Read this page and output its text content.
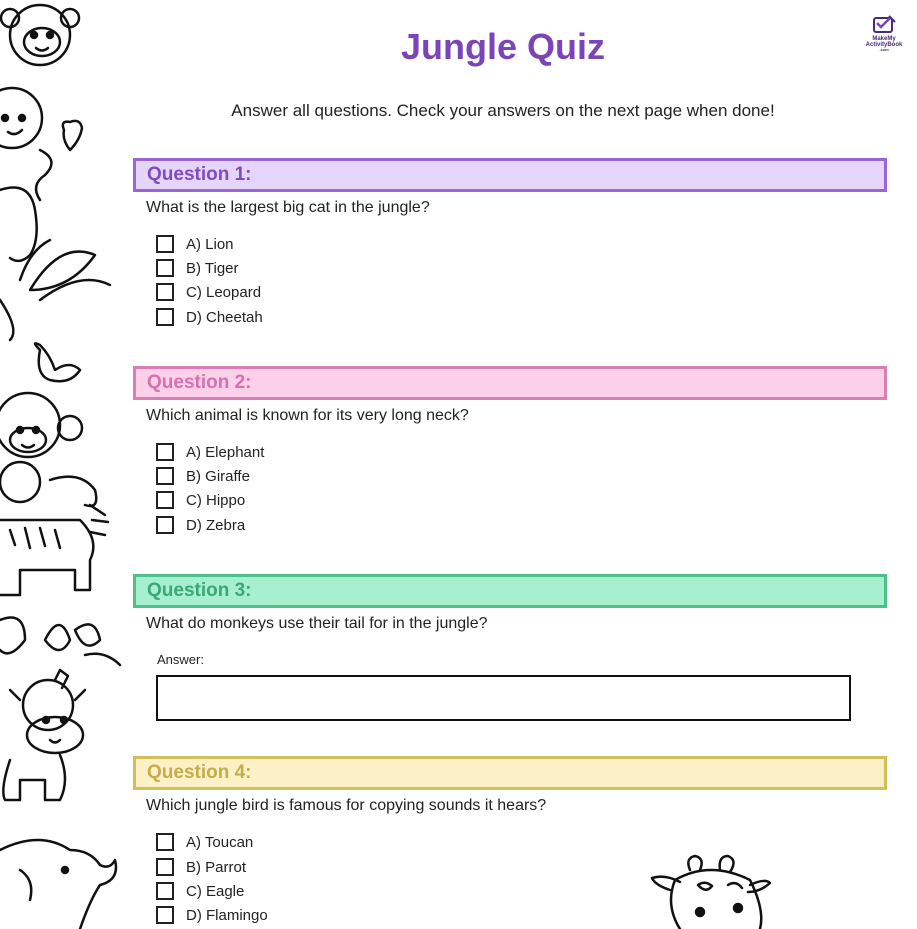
MakeMy
ActivityBook
.com
Jungle Quiz
Answer all questions. Check your answers on the next page when done!
Question 1:
What is the largest big cat in the jungle?
A) Lion
B) Tiger
C) Leopard
D) Cheetah
Question 2:
Which animal is known for its very long neck?
A) Elephant
B) Giraffe
C) Hippo
D) Zebra
Question 3:
What do monkeys use their tail for in the jungle?
Answer:
Question 4:
Which jungle bird is famous for copying sounds it hears?
A) Toucan
B) Parrot
C) Eagle
D) Flamingo
